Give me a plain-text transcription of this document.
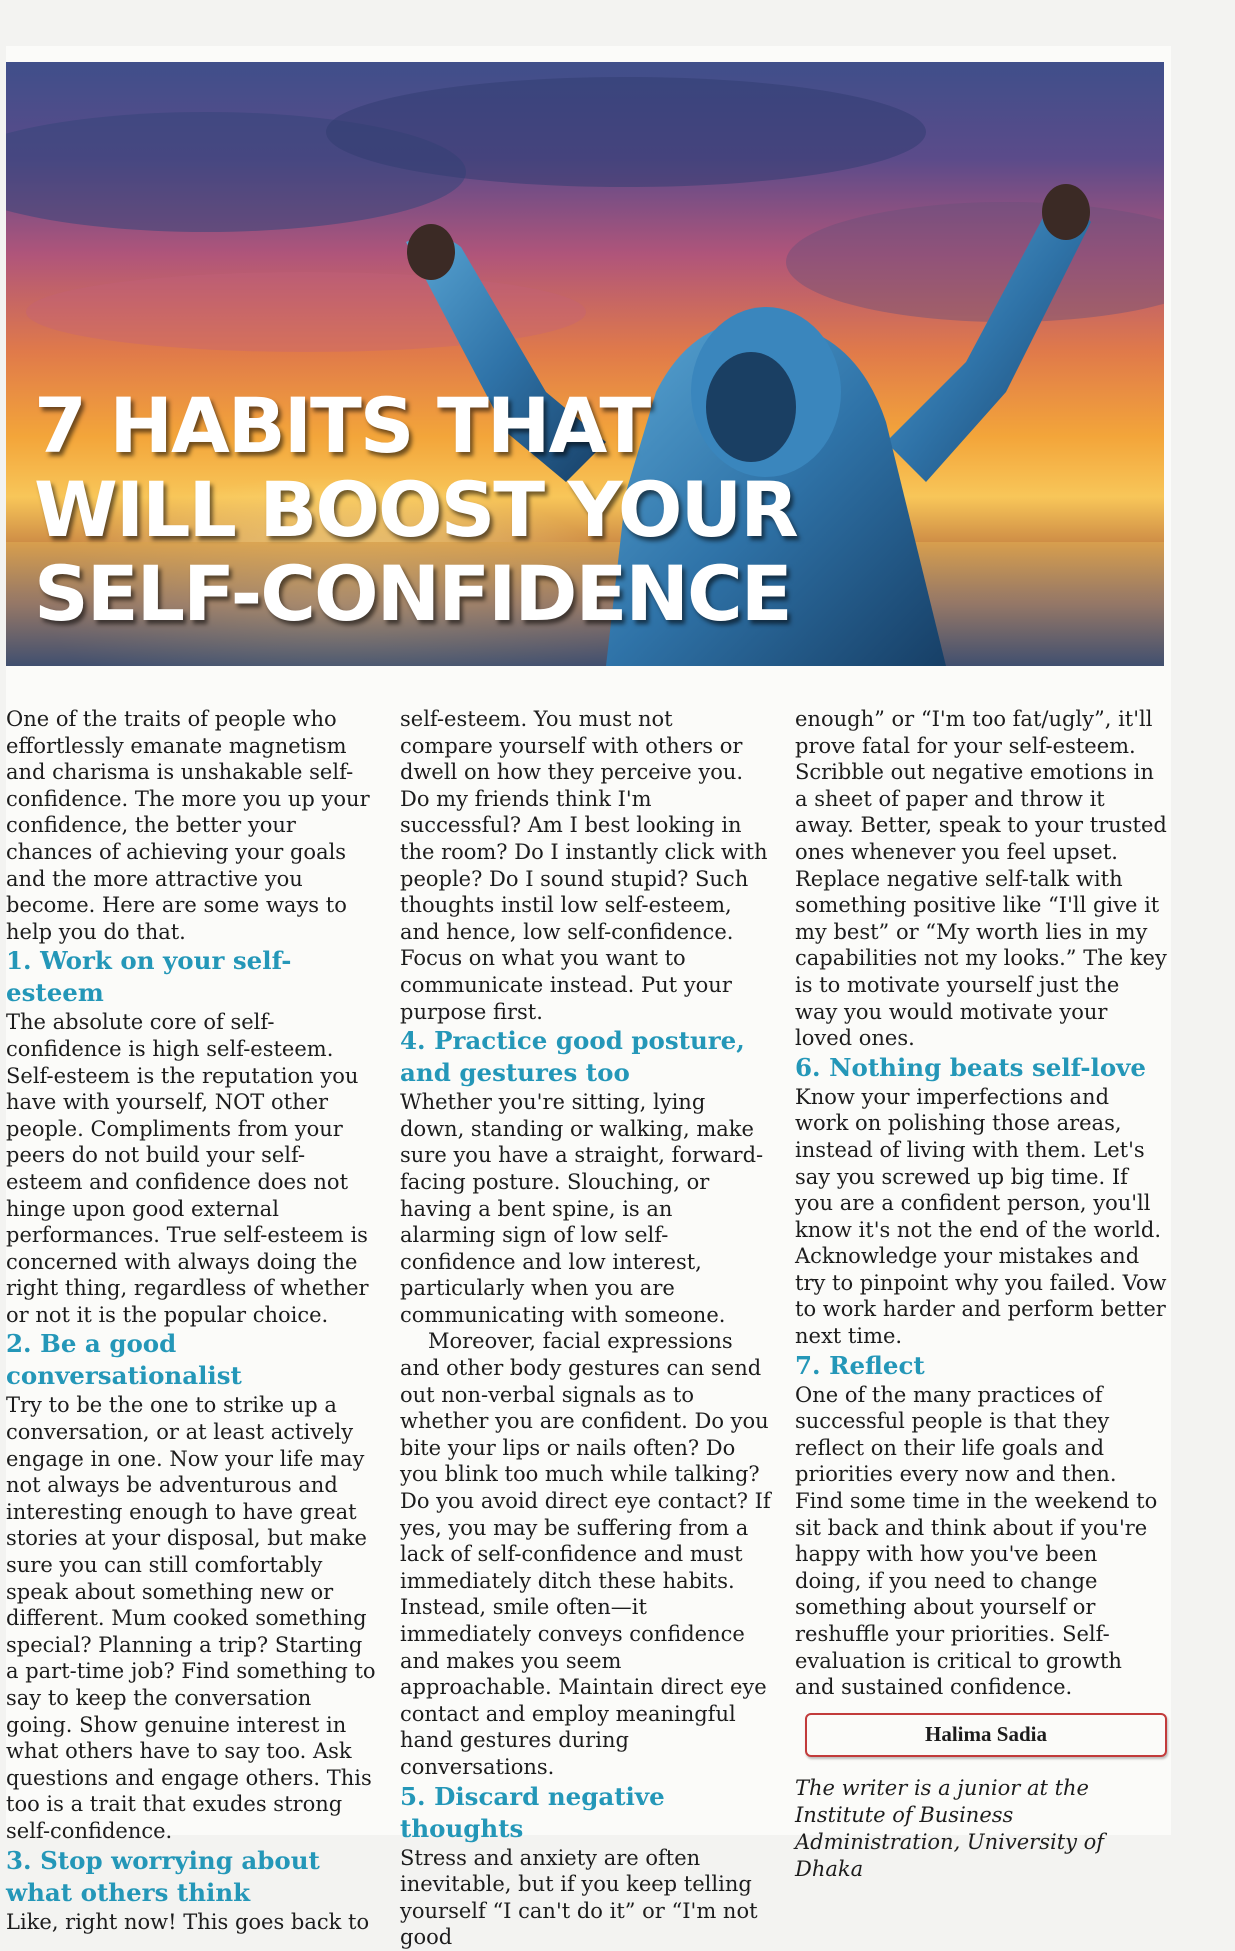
7 HABITS THAT
WILL BOOST YOUR
SELF-CONFIDENCE

One of the traits of people who effortlessly emanate magnetism and charisma is unshakable self-confidence. The more you up your confidence, the better your chances of achieving your goals and the more attractive you become. Here are some ways to help you do that.

1. Work on your self-esteem

The absolute core of self-confidence is high self-esteem. Self-esteem is the reputation you have with yourself, NOT other people. Compliments from your peers do not build your self-esteem and confidence does not hinge upon good external performances. True self-esteem is concerned with always doing the right thing, regardless of whether or not it is the popular choice.

2. Be a good conversationalist

Try to be the one to strike up a conversation, or at least actively engage in one. Now your life may not always be adventurous and interesting enough to have great stories at your disposal, but make sure you can still comfortably speak about something new or different. Mum cooked something special? Planning a trip? Starting a part-time job? Find something to say to keep the conversation going. Show genuine interest in what others have to say too. Ask questions and engage others. This too is a trait that exudes strong self-confidence.

3. Stop worrying about what others think

Like, right now! This goes back to

self-esteem. You must not compare yourself with others or dwell on how they perceive you. Do my friends think I'm successful? Am I best looking in the room? Do I instantly click with people? Do I sound stupid? Such thoughts instil low self-esteem, and hence, low self-confidence. Focus on what you want to communicate instead. Put your purpose first.

4. Practice good posture, and gestures too

Whether you're sitting, lying down, standing or walking, make sure you have a straight, forward-facing posture. Slouching, or having a bent spine, is an alarming sign of low self-confidence and low interest, particularly when you are communicating with someone.

Moreover, facial expressions and other body gestures can send out non-verbal signals as to whether you are confident. Do you bite your lips or nails often? Do you blink too much while talking? Do you avoid direct eye contact? If yes, you may be suffering from a lack of self-confidence and must immediately ditch these habits. Instead, smile often—it immediately conveys confidence and makes you seem approachable. Maintain direct eye contact and employ meaningful hand gestures during conversations.

5. Discard negative thoughts

Stress and anxiety are often inevitable, but if you keep telling yourself “I can't do it” or “I'm not good

enough” or “I'm too fat/ugly”, it'll prove fatal for your self-esteem. Scribble out negative emotions in a sheet of paper and throw it away. Better, speak to your trusted ones whenever you feel upset. Replace negative self-talk with something positive like “I'll give it my best” or “My worth lies in my capabilities not my looks.” The key is to motivate yourself just the way you would motivate your loved ones.

6. Nothing beats self-love

Know your imperfections and work on polishing those areas, instead of living with them. Let's say you screwed up big time. If you are a confident person, you'll know it's not the end of the world. Acknowledge your mistakes and try to pinpoint why you failed. Vow to work harder and perform better next time.

7. Reflect

One of the many practices of successful people is that they reflect on their life goals and priorities every now and then. Find some time in the weekend to sit back and think about if you're happy with how you've been doing, if you need to change something about yourself or reshuffle your priorities. Self-evaluation is critical to growth and sustained confidence.

Halima Sadia

The writer is a junior at the Institute of Business Administration, University of Dhaka
